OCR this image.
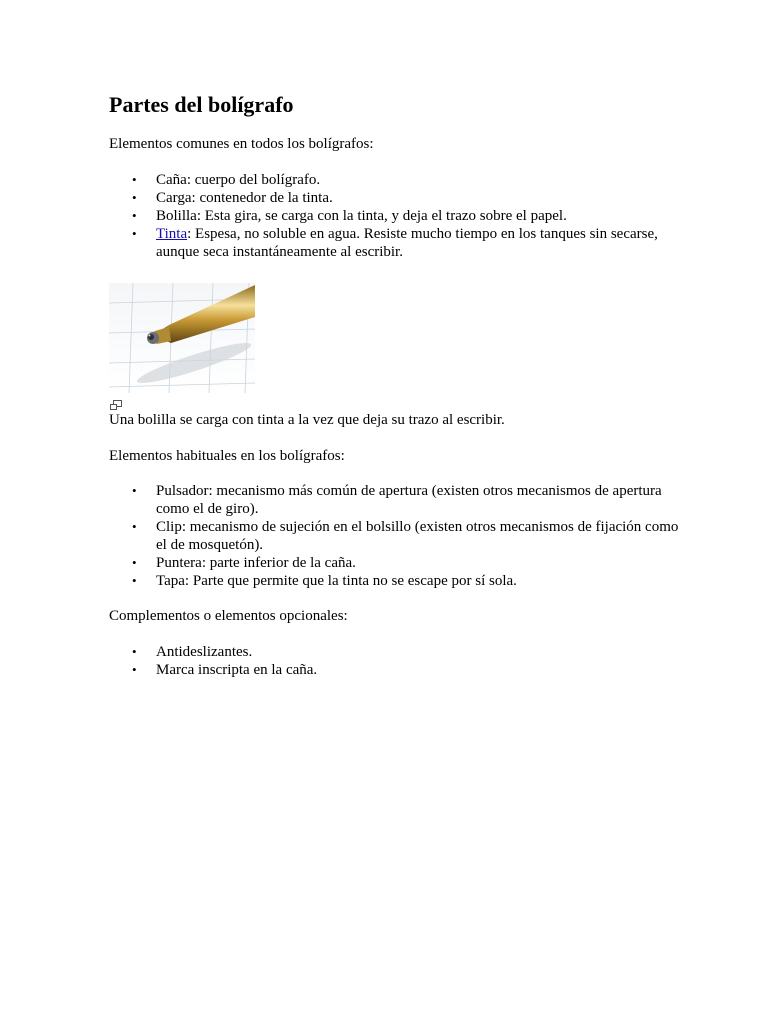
Partes del bolígrafo

Elementos comunes en todos los bolígrafos:

• Caña: cuerpo del bolígrafo.
• Carga: contenedor de la tinta.
• Bolilla: Esta gira, se carga con la tinta, y deja el trazo sobre el papel.
• Tinta: Espesa, no soluble en agua. Resiste mucho tiempo en los tanques sin secarse, aunque seca instantáneamente al escribir.

Una bolilla se carga con tinta a la vez que deja su trazo al escribir.

Elementos habituales en los bolígrafos:

• Pulsador: mecanismo más común de apertura (existen otros mecanismos de apertura como el de giro).
• Clip: mecanismo de sujeción en el bolsillo (existen otros mecanismos de fijación como el de mosquetón).
• Puntera: parte inferior de la caña.
• Tapa: Parte que permite que la tinta no se escape por sí sola.

Complementos o elementos opcionales:

• Antideslizantes.
• Marca inscripta en la caña.
